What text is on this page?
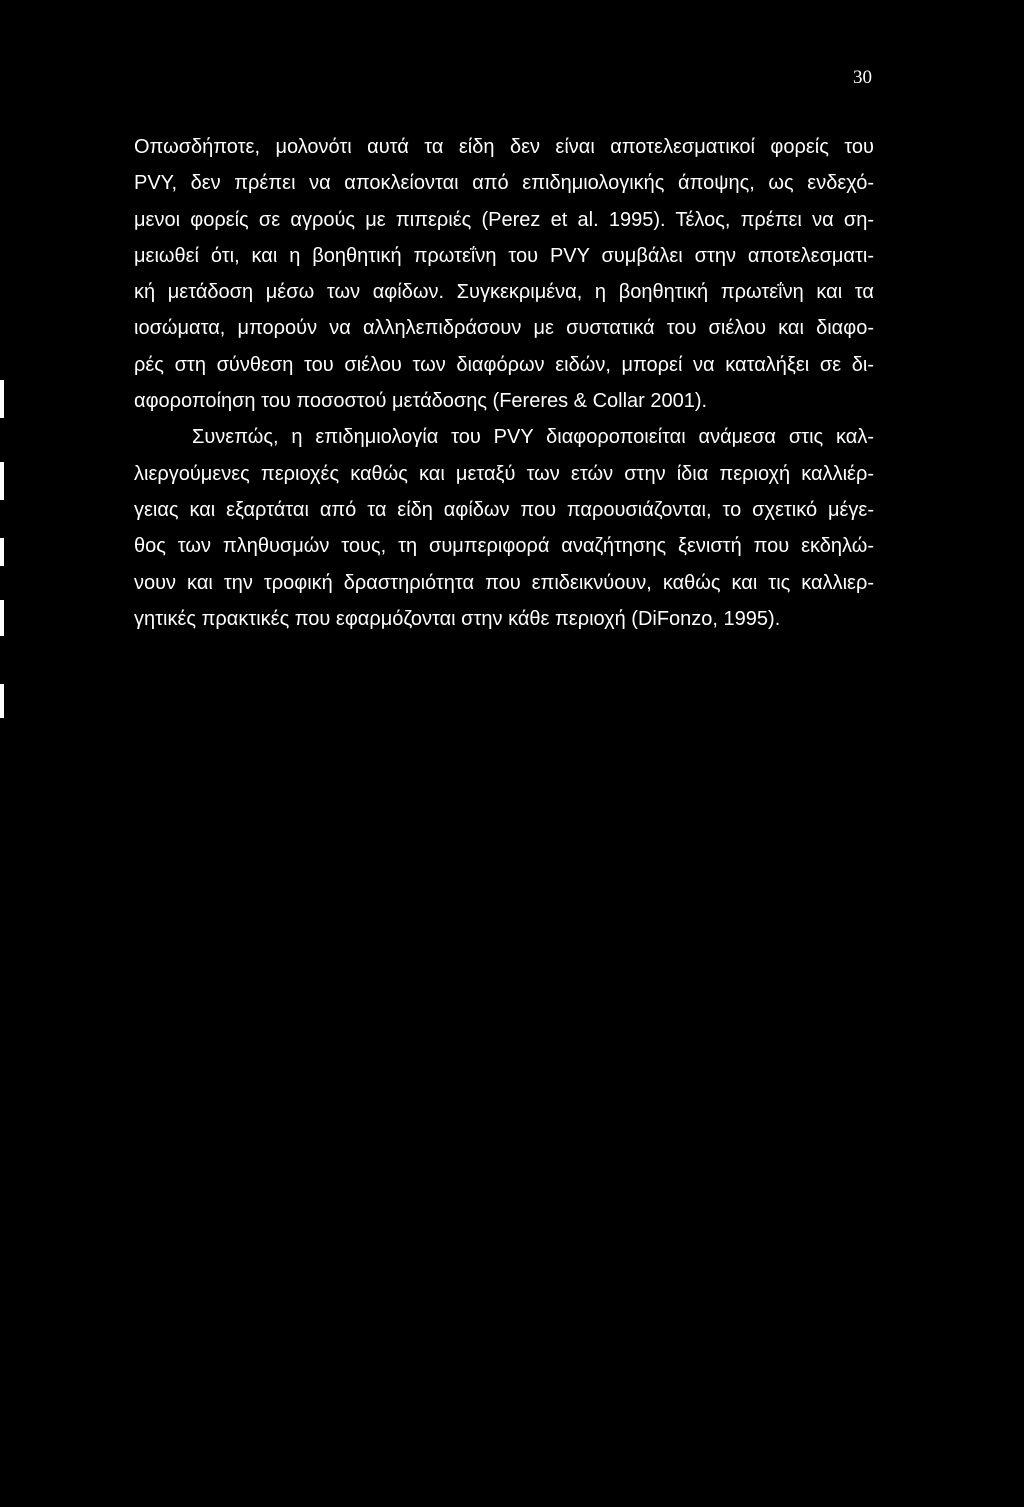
30
Οπωσδήποτε, μολονότι αυτά τα είδη δεν είναι αποτελεσματικοί φορείς του
PVY, δεν πρέπει να αποκλείονται από επιδημιολογικής άποψης, ως ενδεχό-
μενοι φορείς σε αγρούς με πιπεριές (Perez et al. 1995). Τέλος, πρέπει να ση-
μειωθεί ότι, και η βοηθητική πρωτεΐνη του PVY συμβάλει στην αποτελεσματι-
κή μετάδοση μέσω των αφίδων. Συγκεκριμένα, η βοηθητική πρωτεΐνη και τα
ιοσώματα, μπορούν να αλληλεπιδράσουν με συστατικά του σιέλου και διαφο-
ρές στη σύνθεση του σιέλου των διαφόρων ειδών, μπορεί να καταλήξει σε δι-
αφοροποίηση του ποσοστού μετάδοσης (Fereres & Collar 2001).
Συνεπώς, η επιδημιολογία του PVY διαφοροποιείται ανάμεσα στις καλ-
λιεργούμενες περιοχές καθώς και μεταξύ των ετών στην ίδια περιοχή καλλιέρ-
γειας και εξαρτάται από τα είδη αφίδων που παρουσιάζονται, το σχετικό μέγε-
θος των πληθυσμών τους, τη συμπεριφορά αναζήτησης ξενιστή που εκδηλώ-
νουν και την τροφική δραστηριότητα που επιδεικνύουν, καθώς και τις καλλιερ-
γητικές πρακτικές που εφαρμόζονται στην κάθε περιοχή (DiFonzo, 1995).
